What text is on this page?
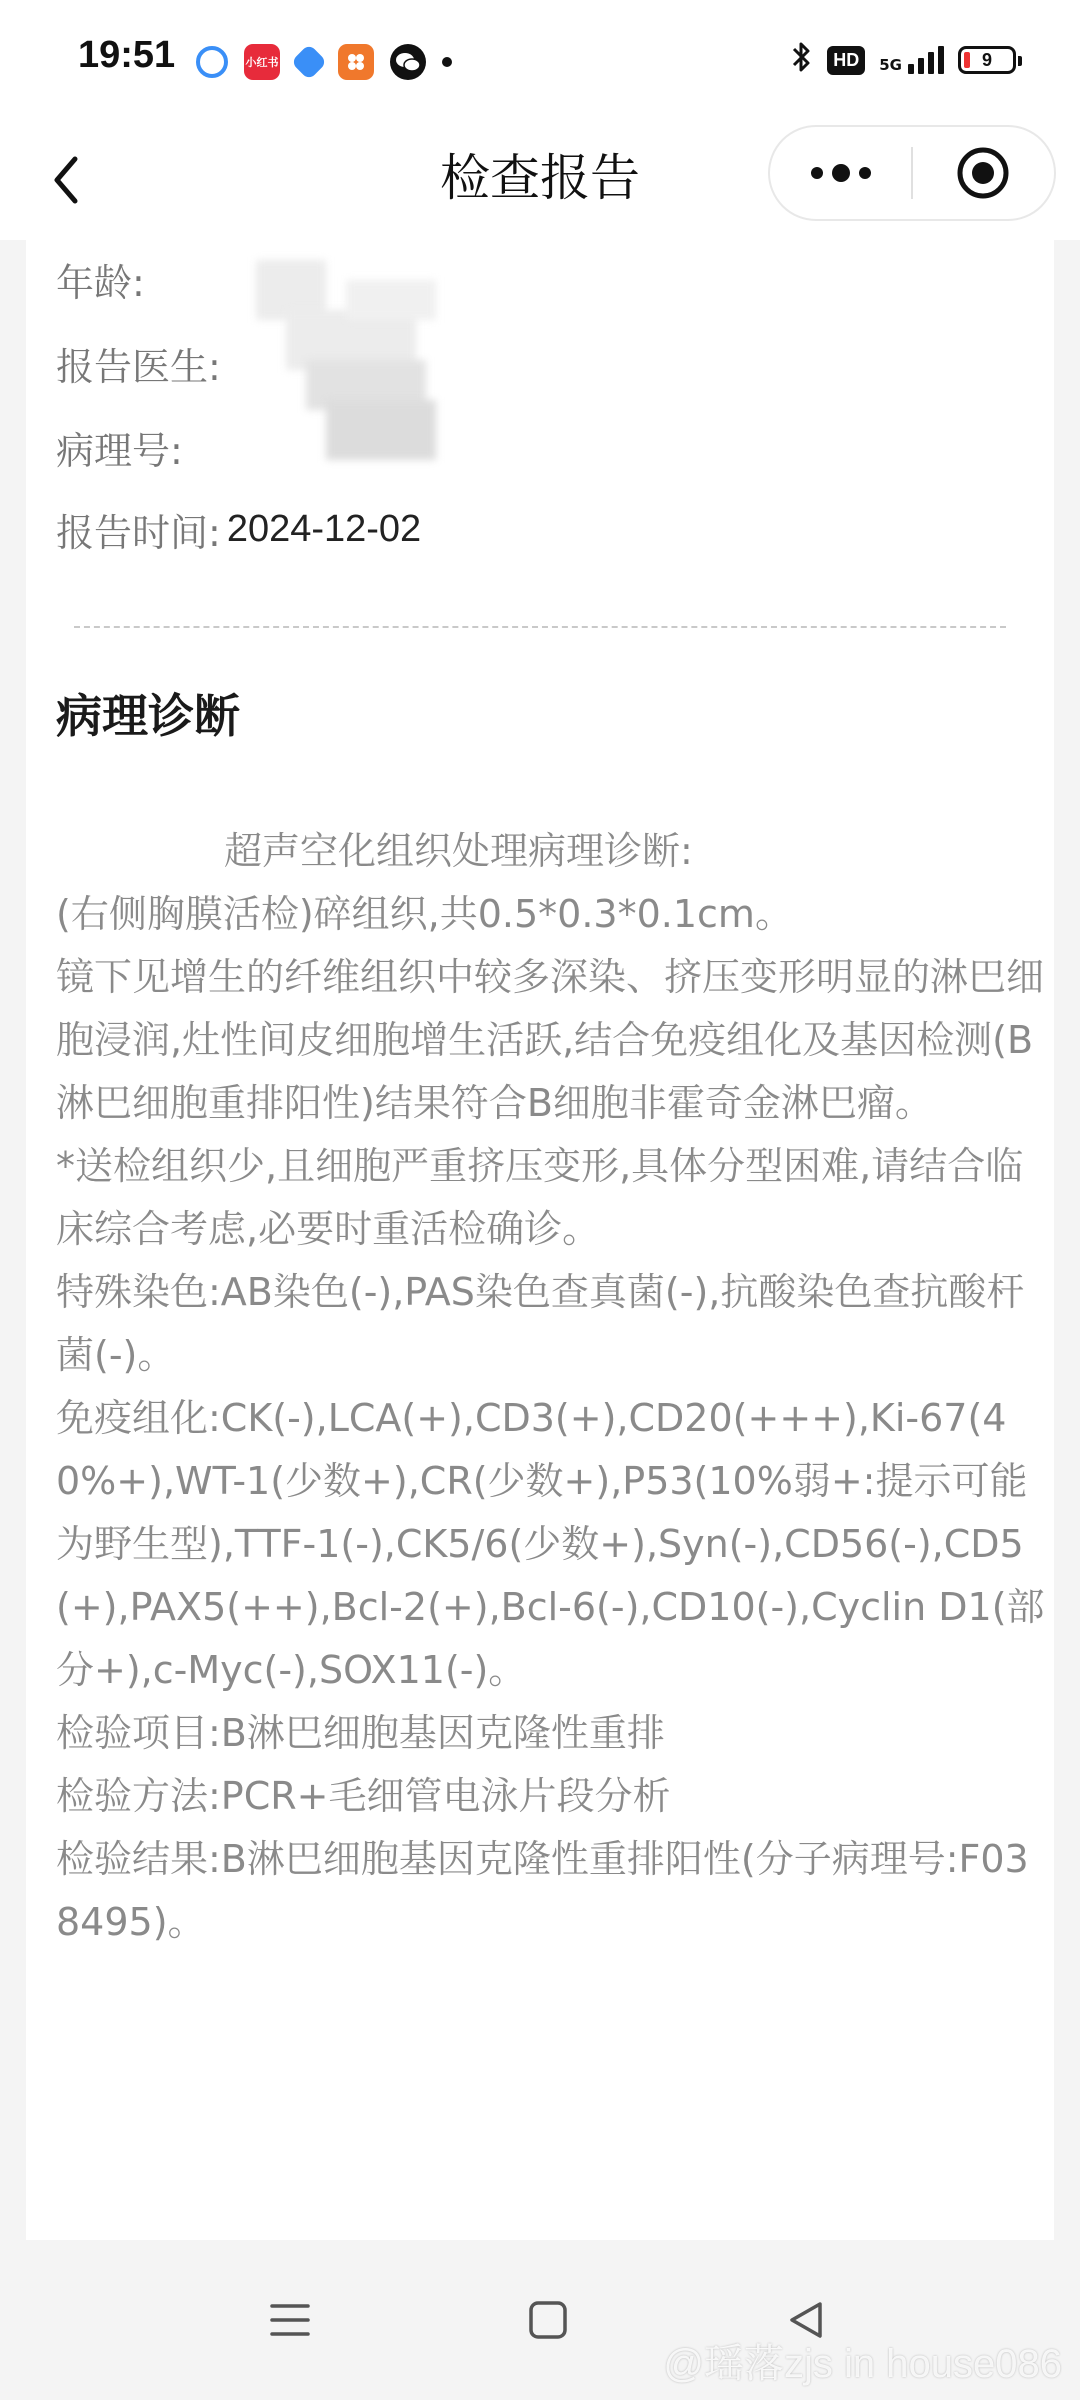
19:51	小红书	HD	5G	9
检查报告
年龄:
报告医生:
病理号:
报告时间: 2024-12-02
病理诊断

超声空化组织处理病理诊断:

(右侧胸膜活检)碎组织,共0.5*0.3*0.1cm。

镜下见增生的纤维组织中较多深染、挤压变形明显的淋巴细胞浸润,灶性间皮细胞增生活跃,结合免疫组化及基因检测(B淋巴细胞重排阳性)结果符合B细胞非霍奇金淋巴瘤。

*送检组织少,且细胞严重挤压变形,具体分型困难,请结合临床综合考虑,必要时重活检确诊。

特殊染色:AB染色(-),PAS染色查真菌(-),抗酸染色查抗酸杆菌(-)。

免疫组化:CK(-),LCA(+),CD3(+),CD20(+++),Ki-67(40%+),WT-1(少数+),CR(少数+),P53(10%弱+:提示可能为野生型),TTF-1(-),CK5/6(少数+),Syn(-),CD56(-),CD5(+),PAX5(++),Bcl-2(+),Bcl-6(-),CD10(-),Cyclin D1(部分+),c-Myc(-),SOX11(-)。

检验项目:B淋巴细胞基因克隆性重排

检验方法:PCR+毛细管电泳片段分析

检验结果:B淋巴细胞基因克隆性重排阳性(分子病理号:F038495)。

@瑶落zjs in house086
